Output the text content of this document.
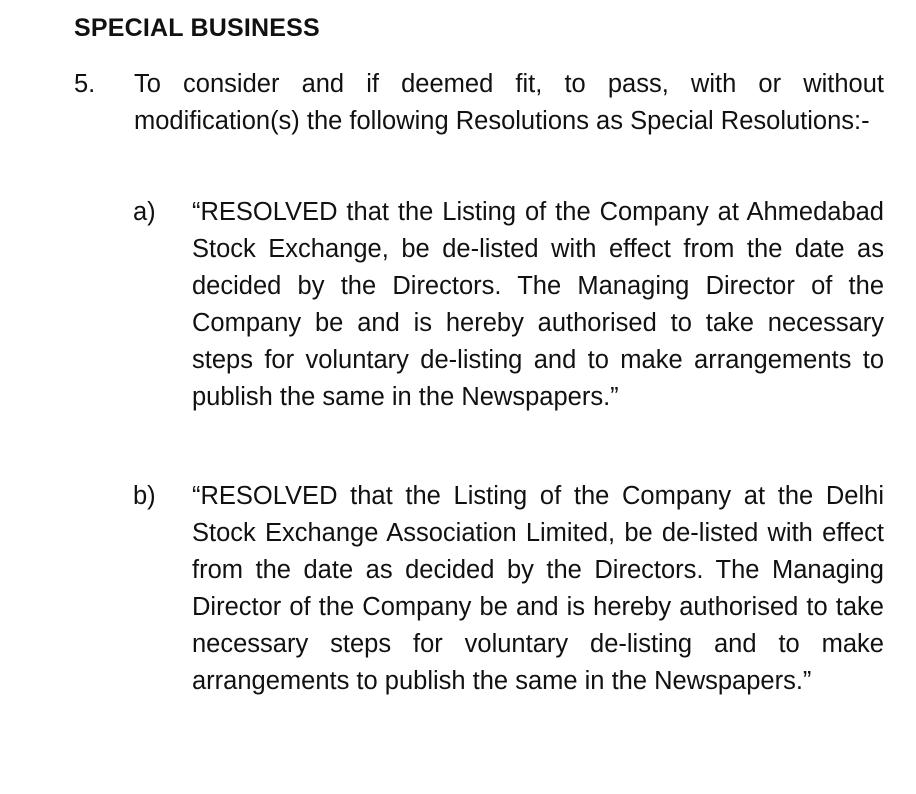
SPECIAL BUSINESS
5. To consider and if deemed fit, to pass, with or without modification(s) the following Resolutions as Special Resolutions:-

a) “RESOLVED that the Listing of the Company at Ahmedabad Stock Exchange, be de-listed with effect from the date as decided by the Directors. The Managing Director of the Company be and is hereby authorised to take necessary steps for voluntary de-listing and to make arrangements to publish the same in the Newspapers.”

b) “RESOLVED that the Listing of the Company at the Delhi Stock Exchange Association Limited, be de-listed with effect from the date as decided by the Directors. The Managing Director of the Company be and is hereby authorised to take necessary steps for voluntary de-listing and to make arrangements to publish the same in the Newspapers.”
